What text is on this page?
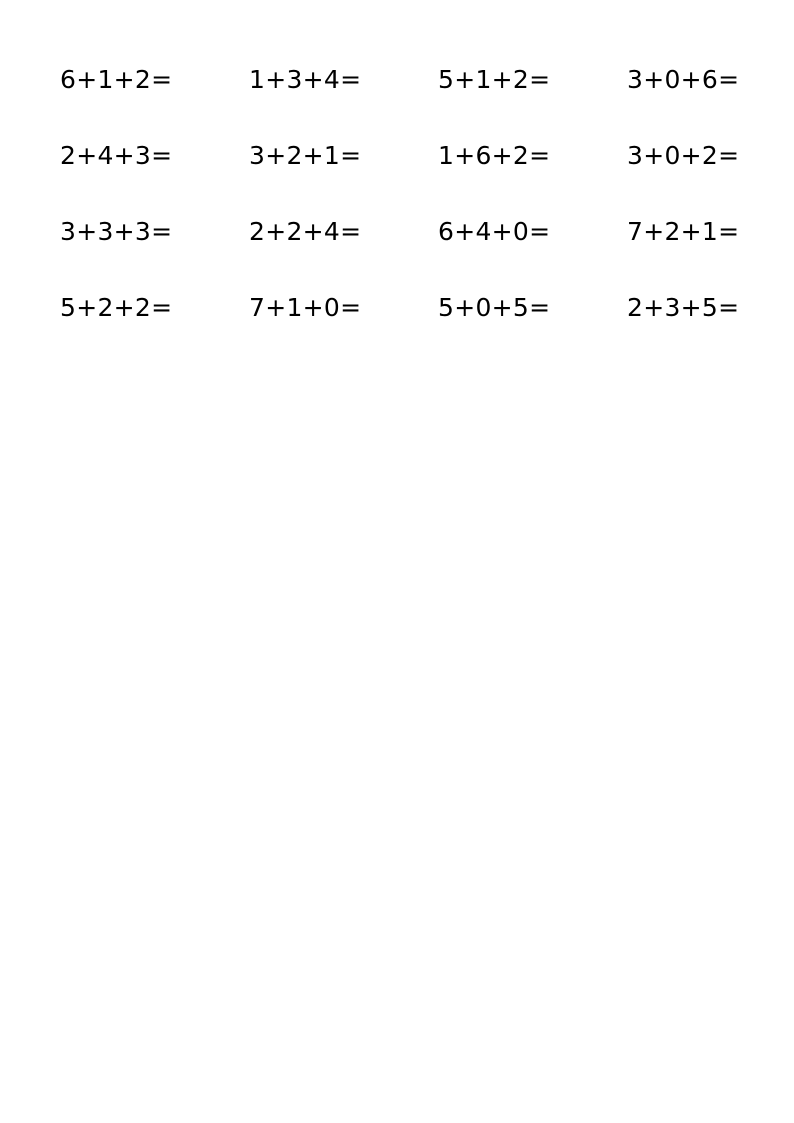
6+1+2=	1+3+4=	5+1+2=	3+0+6=
2+4+3=	3+2+1=	1+6+2=	3+0+2=
3+3+3=	2+2+4=	6+4+0=	7+2+1=
5+2+2=	7+1+0=	5+0+5=	2+3+5=
